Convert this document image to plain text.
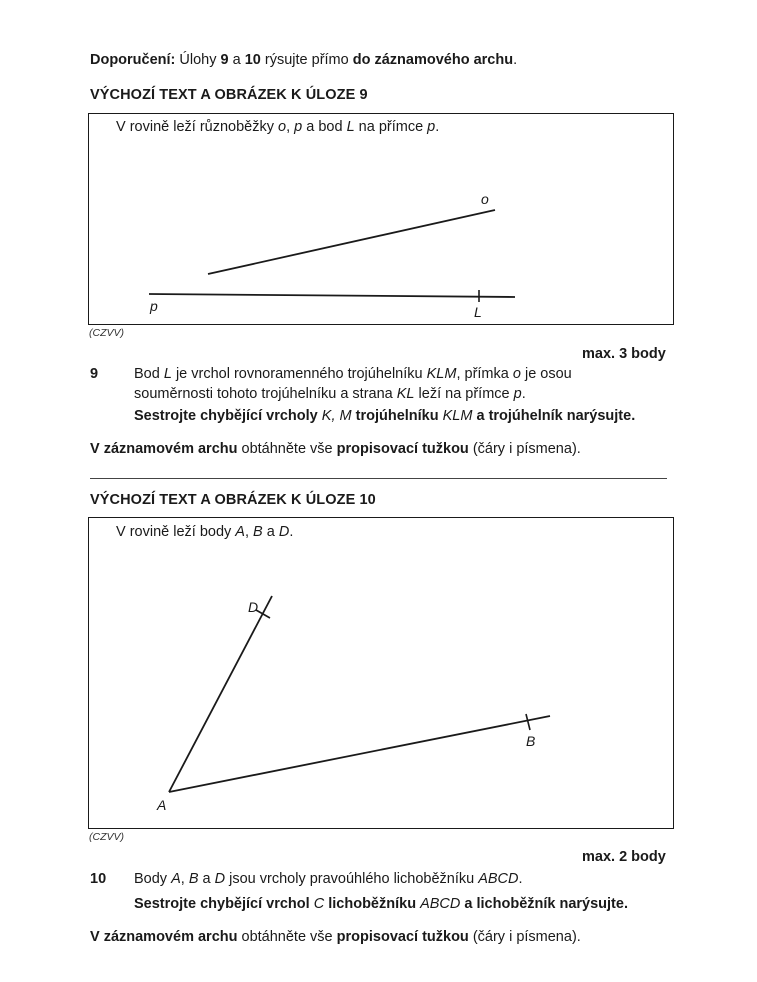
Doporučení: Úlohy 9 a 10 rýsujte přímo do záznamového archu.
VÝCHOZÍ TEXT A OBRÁZEK K ÚLOZE 9
V rovině leží různoběžky o, p a bod L na přímce p.
o
p	L
(CZVV)
max. 3 body
9 Bod L je vrchol rovnoramenného trojúhelníku KLM, přímka o je osou
souměrnosti tohoto trojúhelníku a strana KL leží na přímce p.
Sestrojte chybějící vrcholy K, M trojúhelníku KLM a trojúhelník narýsujte.
V záznamovém archu obtáhněte vše propisovací tužkou (čáry i písmena).
VÝCHOZÍ TEXT A OBRÁZEK K ÚLOZE 10
V rovině leží body A, B a D.
D
B
A
(CZVV)
max. 2 body
10 Body A, B a D jsou vrcholy pravoúhlého lichoběžníku ABCD.
Sestrojte chybějící vrchol C lichoběžníku ABCD a lichoběžník narýsujte.
V záznamovém archu obtáhněte vše propisovací tužkou (čáry i písmena).
